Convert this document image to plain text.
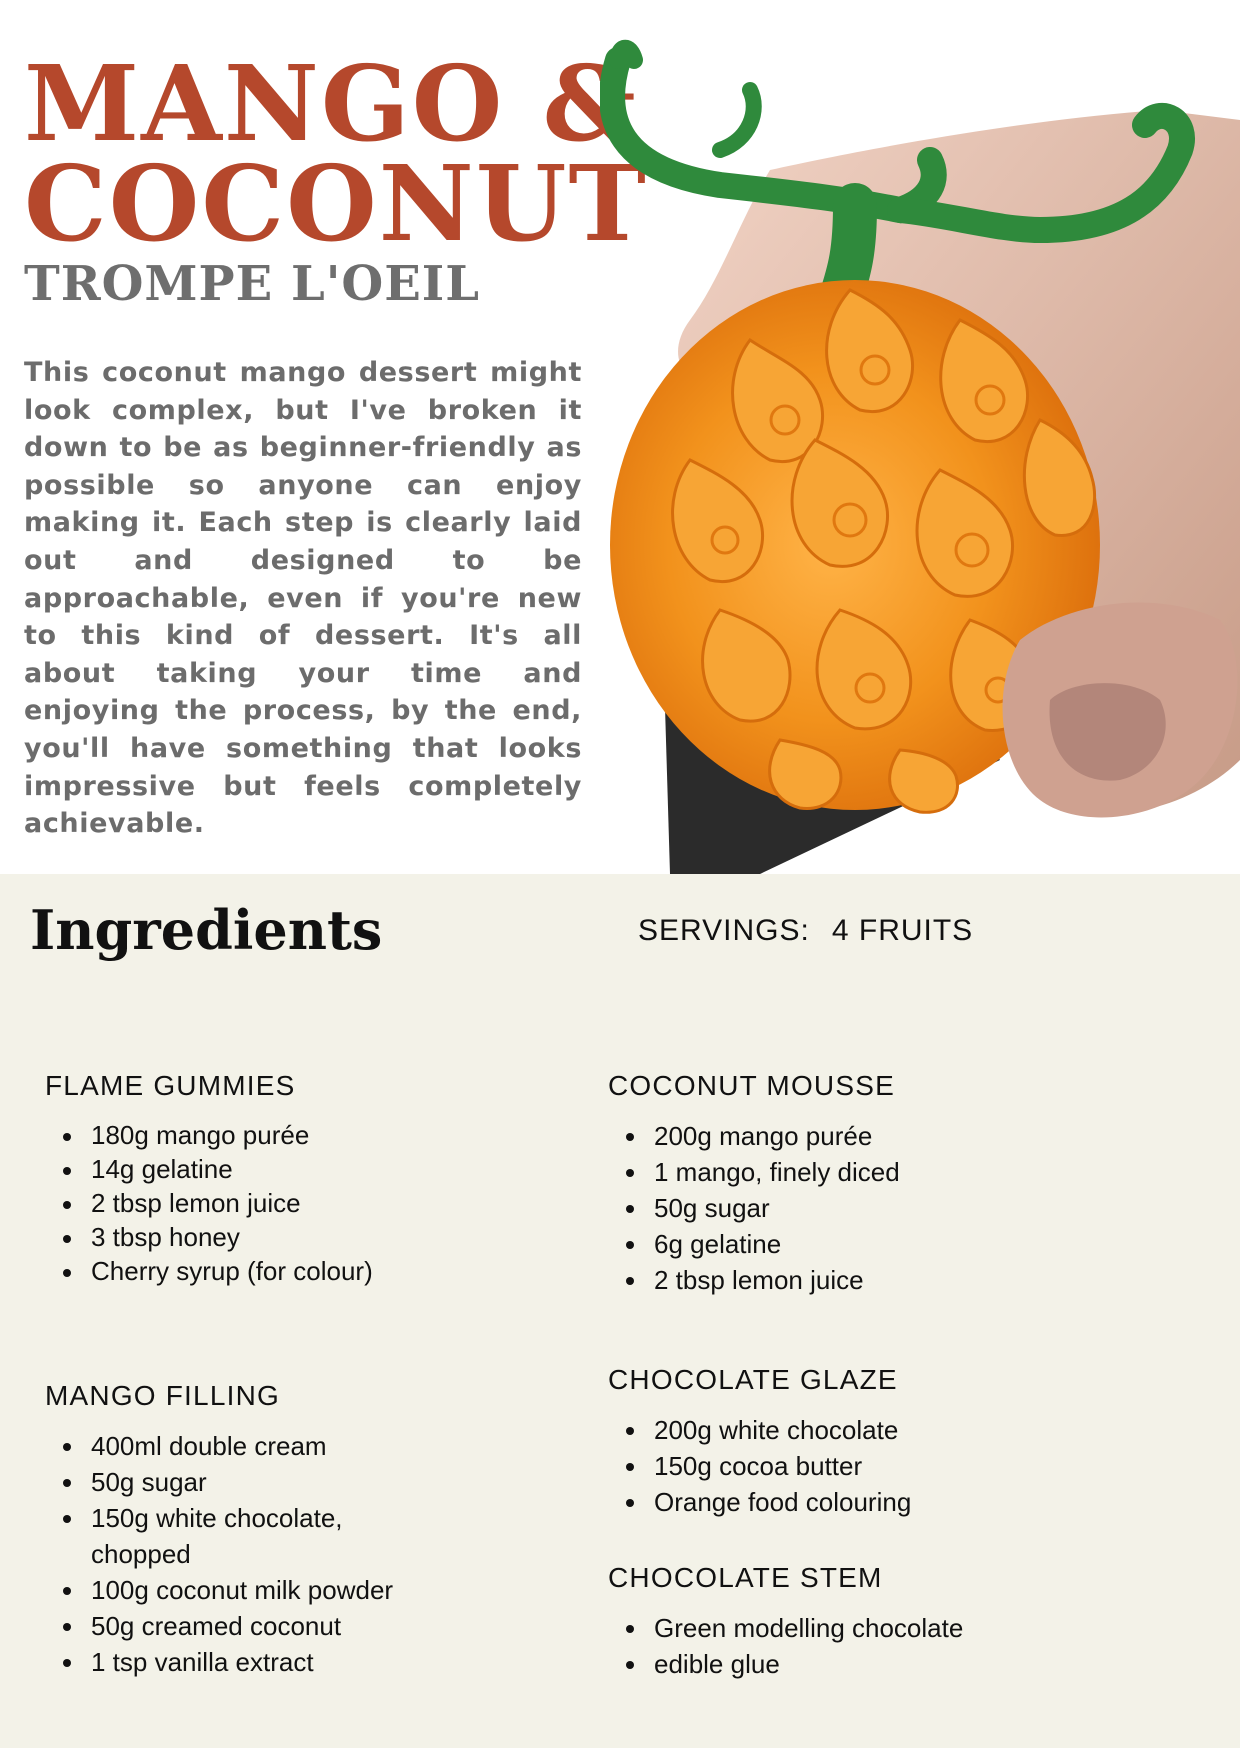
MANGO &
COCONUT
TROMPE L'OEIL

This coconut mango dessert might look complex, but I've broken it down to be as beginner-friendly as possible so anyone can enjoy making it. Each step is clearly laid out and designed to be approachable, even if you're new to this kind of dessert. It's all about taking your time and enjoying the process, by the end, you'll have something that looks impressive but feels completely achievable.

Ingredients	SERVINGS: 4 FRUITS
FLAME GUMMIES
180g mango purée
14g gelatine
2 tbsp lemon juice
3 tbsp honey
Cherry syrup (for colour)
COCONUT MOUSSE
200g mango purée
1 mango, finely diced
50g sugar
6g gelatine
2 tbsp lemon juice
MANGO FILLING
400ml double cream
50g sugar
150g white chocolate, chopped
100g coconut milk powder
50g creamed coconut
1 tsp vanilla extract
CHOCOLATE GLAZE
200g white chocolate
150g cocoa butter
Orange food colouring
CHOCOLATE STEM
Green modelling chocolate
edible glue
